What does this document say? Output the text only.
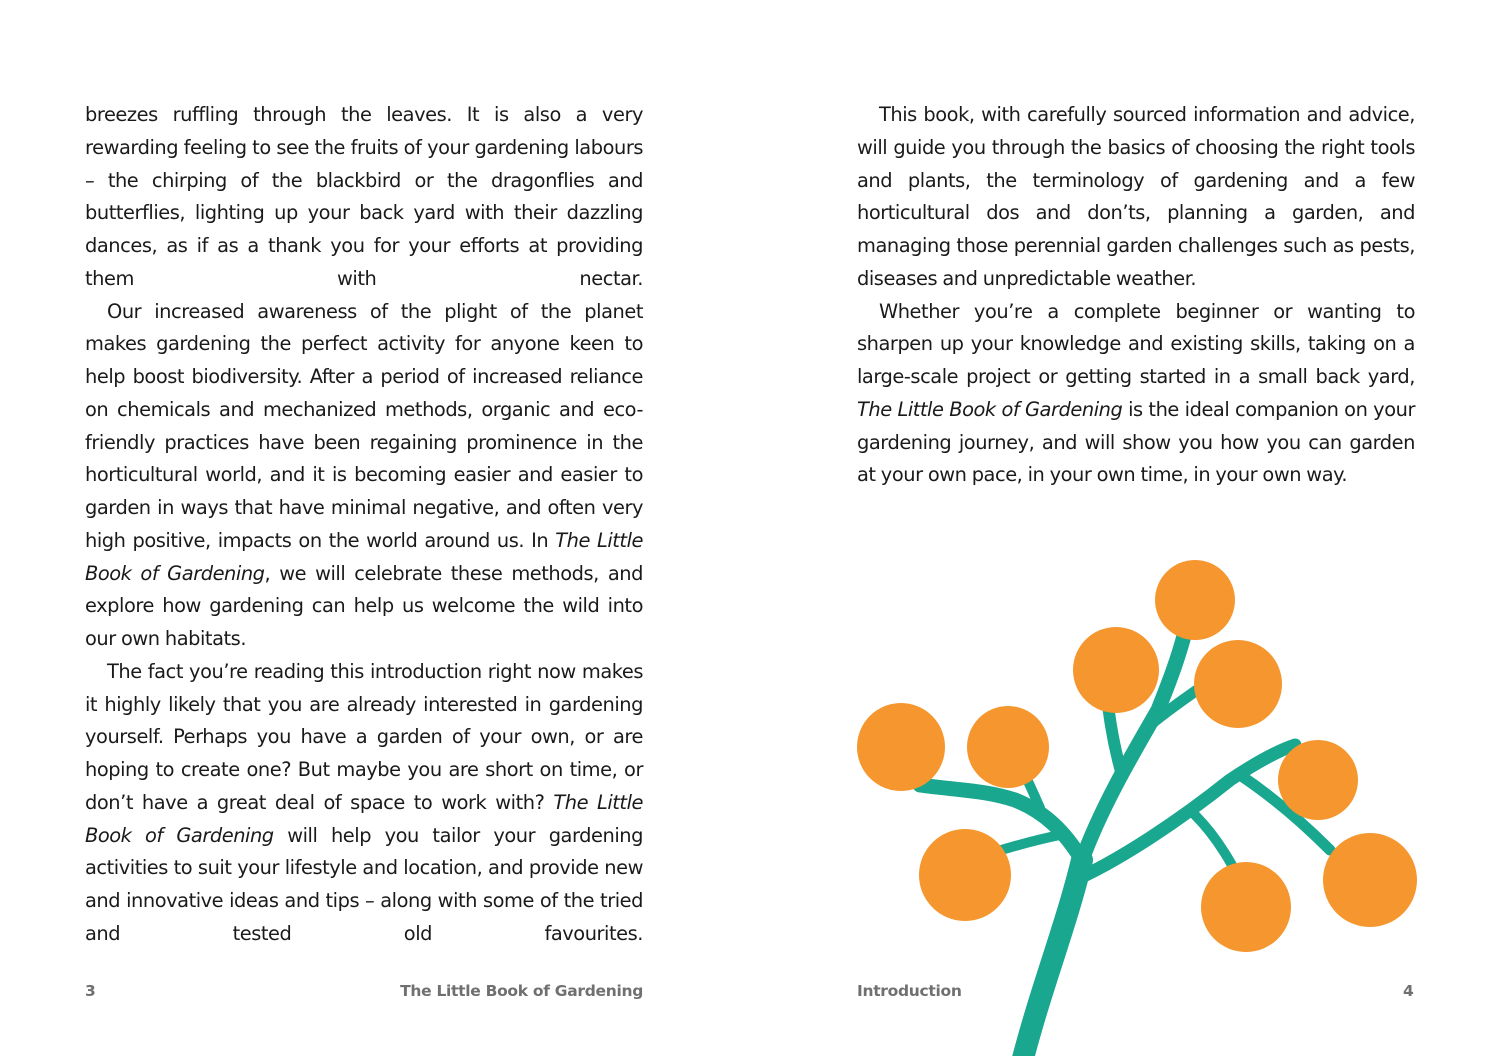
breezes ruffling through the leaves. It is also a very rewarding feeling to see the fruits of your gardening labours – the chirping of the blackbird or the dragonflies and butterflies, lighting up your back yard with their dazzling dances, as if as a thank you for your efforts at providing them with nectar.

Our increased awareness of the plight of the planet makes gardening the perfect activity for anyone keen to help boost biodiversity. After a period of increased reliance on chemicals and mechanized methods, organic and eco-friendly practices have been regaining prominence in the horticultural world, and it is becoming easier and easier to garden in ways that have minimal negative, and often very high positive, impacts on the world around us. In The Little Book of Gardening, we will celebrate these methods, and explore how gardening can help us welcome the wild into our own habitats.

The fact you’re reading this introduction right now makes it highly likely that you are already interested in gardening yourself. Perhaps you have a garden of your own, or are hoping to create one? But maybe you are short on time, or don’t have a great deal of space to work with? The Little Book of Gardening will help you tailor your gardening activities to suit your lifestyle and location, and provide new and innovative ideas and tips – along with some of the tried and tested old favourites.

3	The Little Book of Gardening

This book, with carefully sourced information and advice, will guide you through the basics of choosing the right tools and plants, the terminology of gardening and a few horticultural dos and don’ts, planning a garden, and managing those perennial garden challenges such as pests, diseases and unpredictable weather.

Whether you’re a complete beginner or wanting to sharpen up your knowledge and existing skills, taking on a large-scale project or getting started in a small back yard, The Little Book of Gardening is the ideal companion on your gardening journey, and will show you how you can garden at your own pace, in your own time, in your own way.

Introduction	4
